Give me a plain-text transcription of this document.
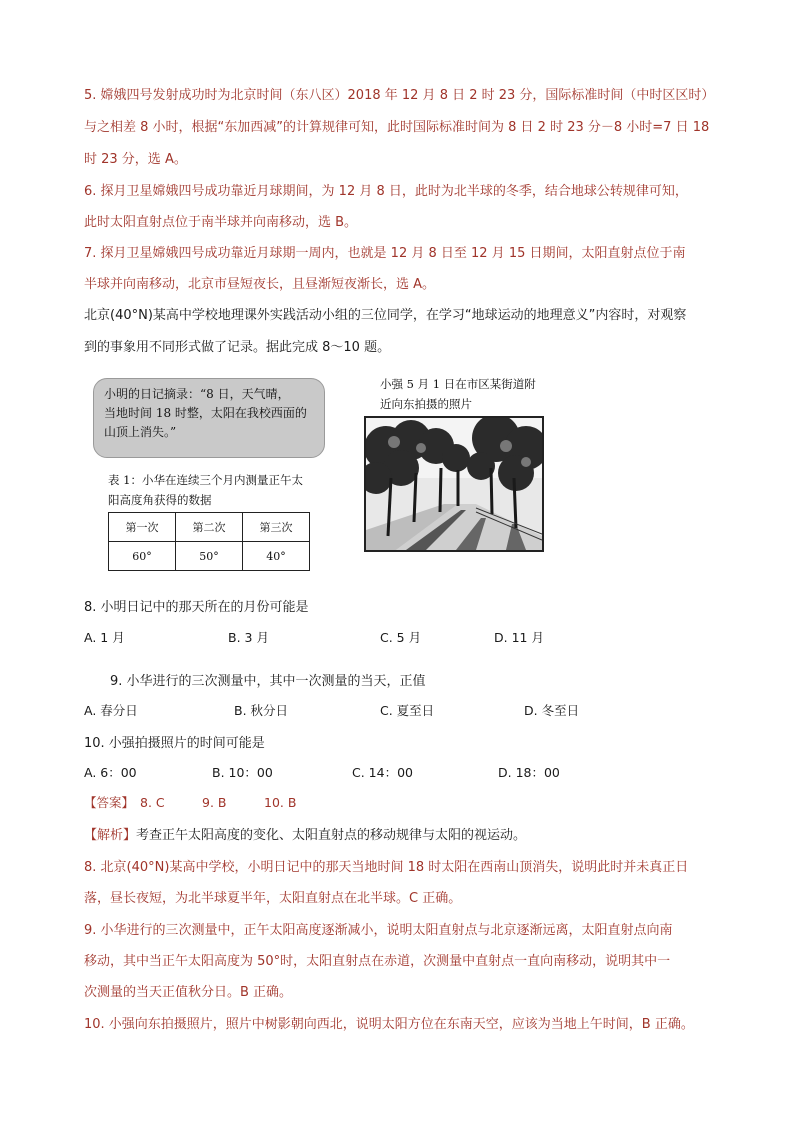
5. 嫦娥四号发射成功时为北京时间（东八区）2018 年 12 月 8 日 2 时 23 分，国际标准时间（中时区区时）

与之相差 8 小时，根据“东加西减”的计算规律可知，此时国际标准时间为 8 日 2 时 23 分－8 小时=7 日 18

时 23 分，选 A。

6. 探月卫星嫦娥四号成功靠近月球期间，为 12 月 8 日，此时为北半球的冬季，结合地球公转规律可知，

此时太阳直射点位于南半球并向南移动，选 B。

7. 探月卫星嫦娥四号成功靠近月球期一周内，也就是 12 月 8 日至 12 月 15 日期间，太阳直射点位于南

半球并向南移动，北京市昼短夜长，且昼渐短夜渐长，选 A。

北京(40°N)某高中学校地理课外实践活动小组的三位同学，在学习“地球运动的地理意义”内容时，对观察

到的事象用不同形式做了记录。据此完成 8～10 题。

小明的日记摘录：“8 日，天气晴，
当地时间 18 时整，太阳在我校西面的
山顶上消失。”
表 1：小华在连续三个月内测量正午太
阳高度角获得的数据
第一次	第二次	第三次
60°	50°	40°
小强 5 月 1 日在市区某街道附
近向东拍摄的照片

8. 小明日记中的那天所在的月份可能是

A. 1 月	B. 3 月	C. 5 月	D. 11 月

9. 小华进行的三次测量中，其中一次测量的当天，正值

A. 春分日	B. 秋分日	C. 夏至日	D. 冬至日

10. 小强拍摄照片的时间可能是

A. 6：00	B. 10：00	C. 14：00	D. 18：00
【答案】 8. C	9. B	10. B

【解析】考查正午太阳高度的变化、太阳直射点的移动规律与太阳的视运动。

8. 北京(40°N)某高中学校，小明日记中的那天当地时间 18 时太阳在西南山顶消失，说明此时并未真正日

落，昼长夜短，为北半球夏半年，太阳直射点在北半球。C 正确。

9. 小华进行的三次测量中，正午太阳高度逐渐减小，说明太阳直射点与北京逐渐远离，太阳直射点向南

移动，其中当正午太阳高度为 50°时，太阳直射点在赤道，次测量中直射点一直向南移动，说明其中一

次测量的当天正值秋分日。B 正确。

10. 小强向东拍摄照片，照片中树影朝向西北，说明太阳方位在东南天空，应该为当地上午时间，B 正确。
